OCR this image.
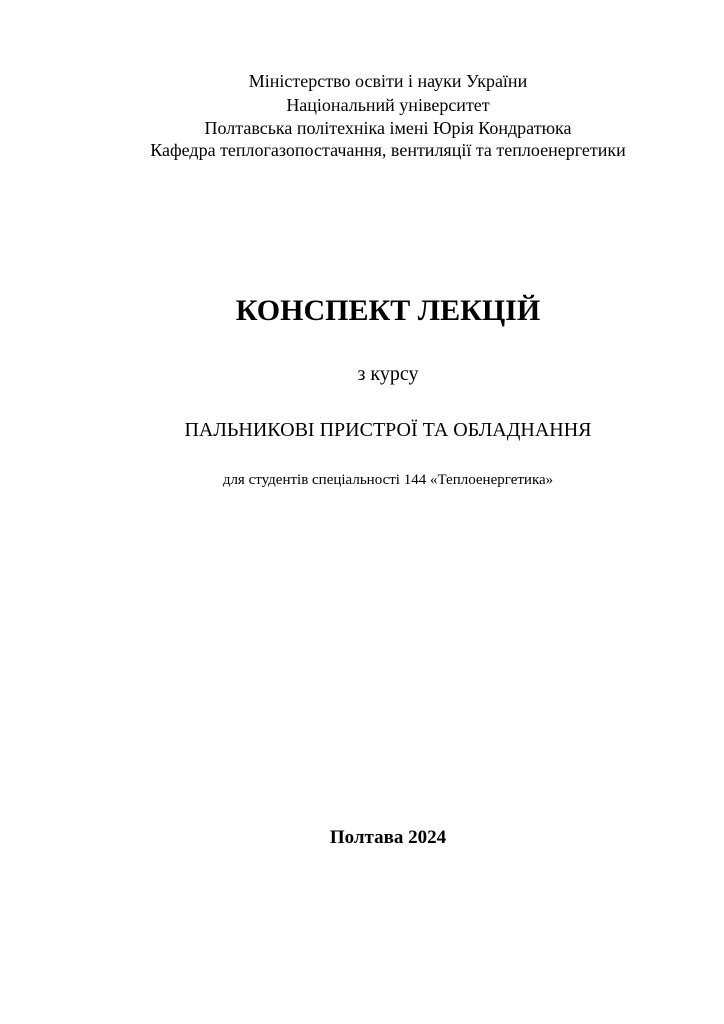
Міністерство освіти і науки України
Національний університет
Полтавська політехніка імені Юрія Кондратюка
Кафедра теплогазопостачання, вентиляції та теплоенергетики
КОНСПЕКТ ЛЕКЦІЙ
з курсу
ПАЛЬНИКОВІ ПРИСТРОЇ ТА ОБЛАДНАННЯ
для студентів спеціальності 144 «Теплоенергетика»
Полтава 2024
